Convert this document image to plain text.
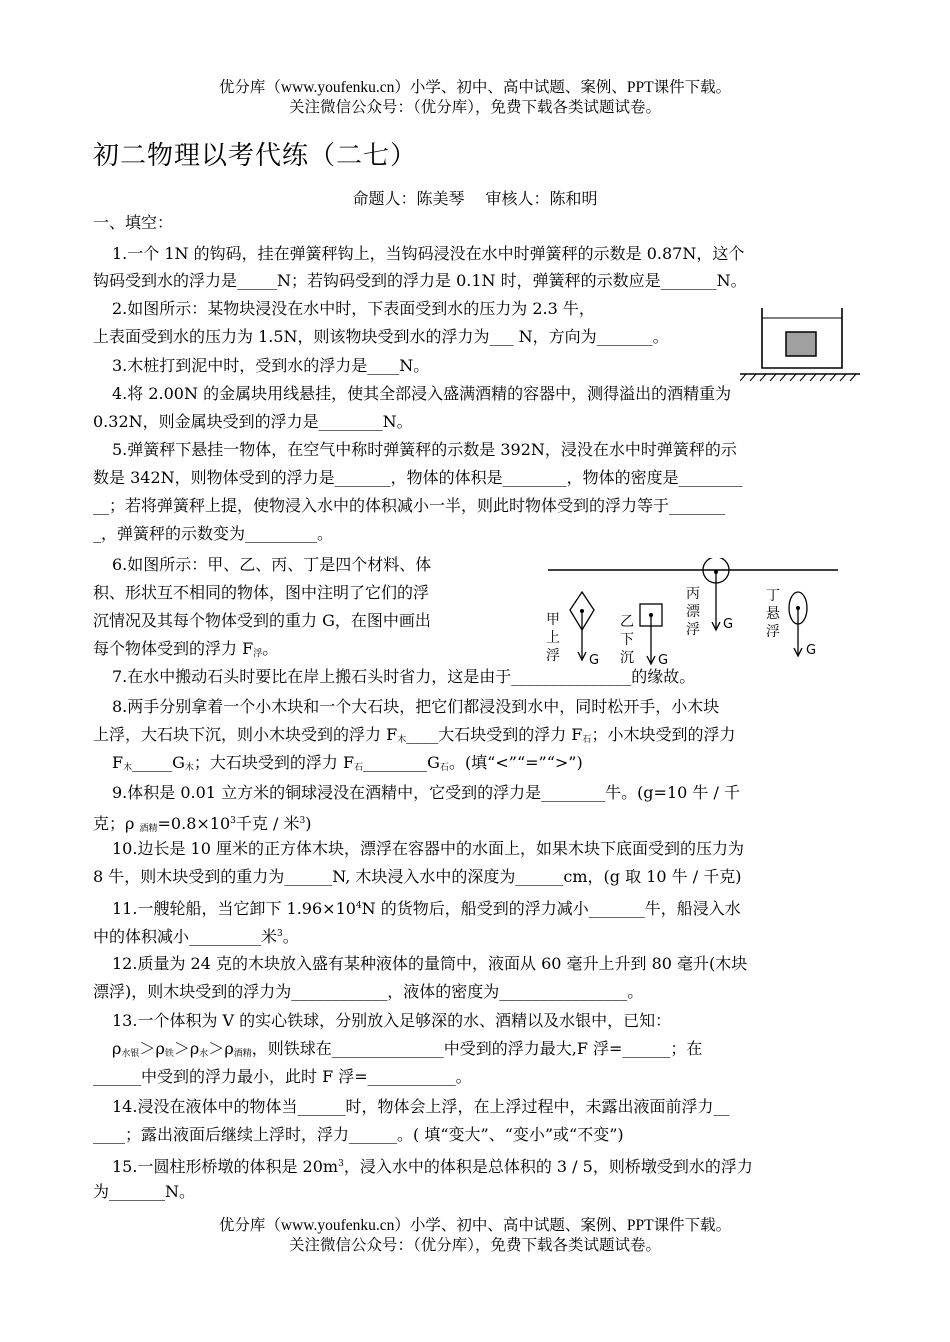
优分库（www.youfenku.cn）小学、初中、高中试题、案例、PPT课件下载。
关注微信公众号：（优分库），免费下载各类试题试卷。
初二物理以考代练（二七）
命题人：陈美琴　 审核人：陈和明
一、填空：
1.一个 1N 的钩码，挂在弹簧秤钩上，当钩码浸没在水中时弹簧秤的示数是 0.87N，这个
钩码受到水的浮力是_____N；若钩码受到的浮力是 0.1N 时，弹簧秤的示数应是_______N。
2.如图所示：某物块浸没在水中时，下表面受到水的压力为 2.3 牛，
上表面受到水的压力为 1.5N，则该物块受到水的浮力为___ N，方向为_______。
3.木桩打到泥中时，受到水的浮力是____N。
4.将 2.00N 的金属块用线悬挂，使其全部浸入盛满酒精的容器中，测得溢出的酒精重为
0.32N，则金属块受到的浮力是________N。
5.弹簧秤下悬挂一物体，在空气中称时弹簧秤的示数是 392N，浸没在水中时弹簧秤的示
数是 342N，则物体受到的浮力是_______，物体的体积是________，物体的密度是________
__；若将弹簧秤上提，使物浸入水中的体积减小一半，则此时物体受到的浮力等于_______
_，弹簧秤的示数变为_________。
6.如图所示：甲、乙、丙、丁是四个材料、体
积、形状互不相同的物体，图中注明了它们的浮
沉情况及其每个物体受到的重力 G，在图中画出
每个物体受到的浮力 $F_浮$。
G
甲
上
浮	G
乙
下
沉
G
丙
漂
浮
G
丁
悬
浮
7.在水中搬动石头时要比在岸上搬石头时省力，这是由于_______________的缘故。
8.两手分别拿着一个小木块和一个大石块，把它们都浸没到水中，同时松开手，小木块
上浮，大石块下沉，则小木块受到的浮力 $F_木\_\_\_\_$大石块受到的浮力 $F_石$；小木块受到的浮力
$F_木\_\_\_\_\_G_木$；大石块受到的浮力 $F_石\_\_\_\_\_\_\_\_G_石$。(填“<”“=”“>”)
9.体积是 0.01 立方米的铜球浸没在酒精中，它受到的浮力是________牛。(g=10 牛 / 千
克；ρ $_{酒精}=0.8\times 10^3$千克 / 米$^3$)
10.边长是 10 厘米的正方体木块，漂浮在容器中的水面上，如果木块下底面受到的压力为
8 牛，则木块受到的重力为______N, 木块浸入水中的深度为______cm，(g 取 10 牛 / 千克)
11.一艘轮船，当它卸下 $1.96\times 10^4N$ 的货物后，船受到的浮力减小_______牛，船浸入水
中的体积减小_________米$^3$。
12.质量为 24 克的木块放入盛有某种液体的量筒中，液面从 60 毫升上升到 80 毫升(木块
漂浮)，则木块受到的浮力为____________，液体的密度为________________。
13.一个体积为 V 的实心铁球，分别放入足够深的水、酒精以及水银中，已知：
$\rho_{水银}>\rho_铁>\rho_水>\rho_{酒精}$，则铁球在______________中受到的浮力最大,F 浮=______；在
______中受到的浮力最小，此时 F 浮=___________。
14.浸没在液体中的物体当______时，物体会上浮，在上浮过程中，未露出液面前浮力__
____；露出液面后继续上浮时，浮力______。( 填“变大”、“变小”或“不变”)
15.一圆柱形桥墩的体积是 $20m^3$，浸入水中的体积是总体积的 3 / 5，则桥墩受到水的浮力
为_______N。
优分库（www.youfenku.cn）小学、初中、高中试题、案例、PPT课件下载。
关注微信公众号：（优分库），免费下载各类试题试卷。
